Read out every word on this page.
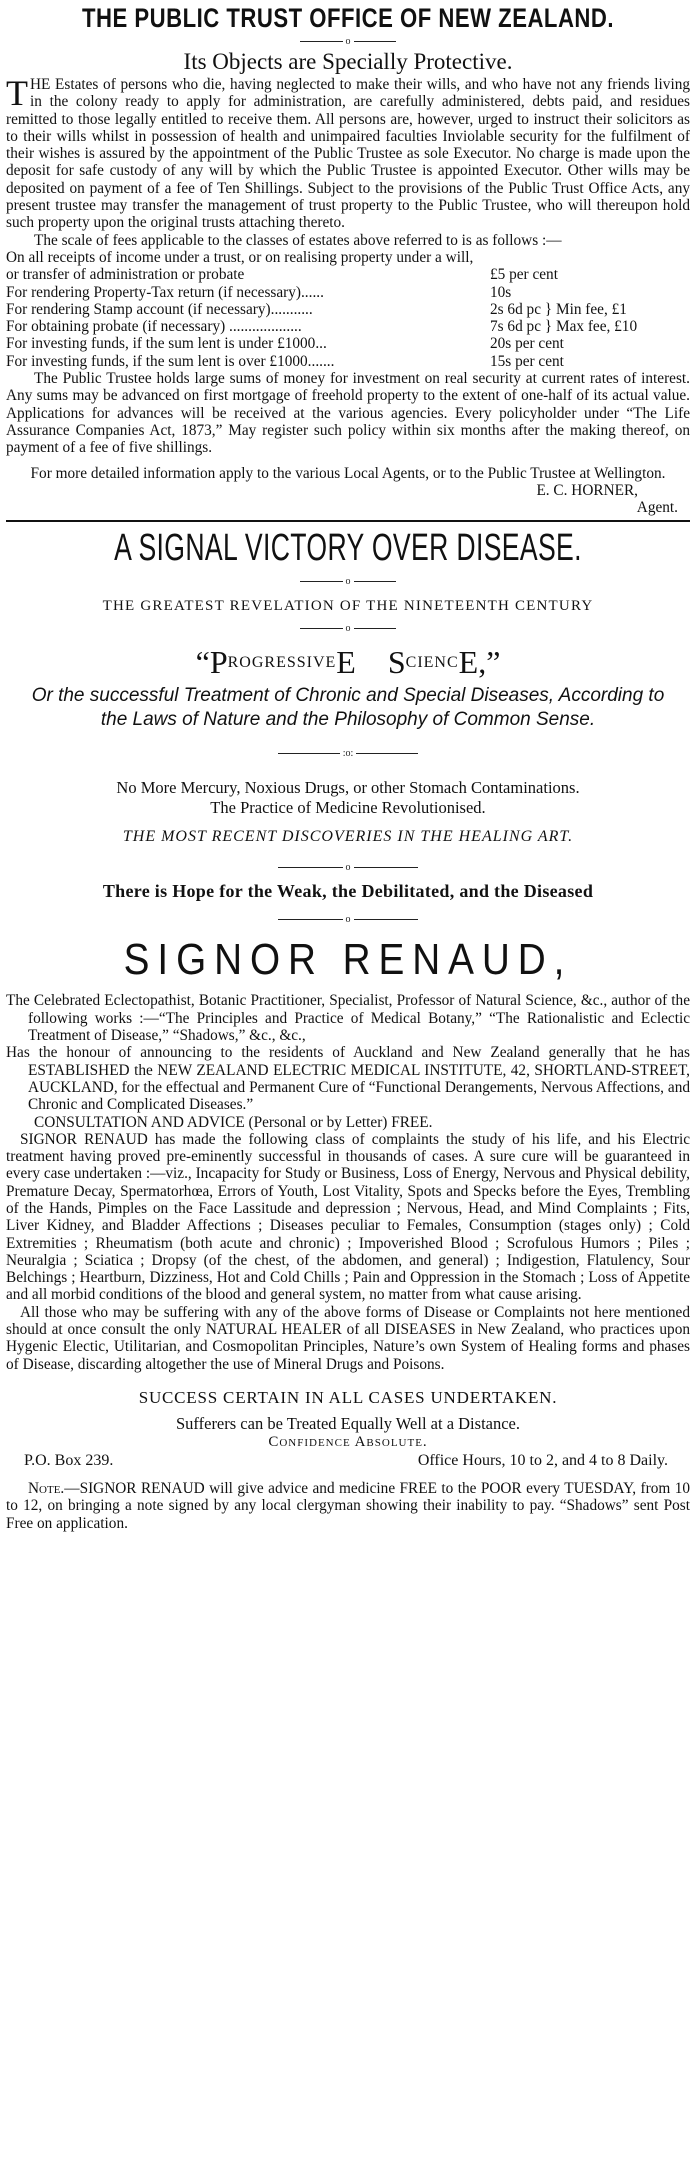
THE PUBLIC TRUST OFFICE OF NEW ZEALAND.
o
Its Objects are Specially Protective.
T HE Estates of persons who die, having neglected to make their wills, and who have not any friends living in the colony ready to apply for administration, are carefully administered, debts paid, and residues remitted to those legally entitled to receive them. All persons are, however, urged to instruct their solicitors as to their wills whilst in possession of health and unimpaired faculties Inviolable security for the fulfilment of their wishes is assured by the appointment of the Public Trustee as sole Executor. No charge is made upon the deposit for safe custody of any will by which the Public Trustee is appointed Executor. Other wills may be deposited on payment of a fee of Ten Shillings. Subject to the provisions of the Public Trust Office Acts, any present trustee may transfer the management of trust property to the Public Trustee, who will thereupon hold such property upon the original trusts attaching thereto.
The scale of fees applicable to the classes of estates above referred to is as follows :—
On all receipts of income under a trust, or on realising property under a will, or transfer of administration or probate	£5 per cent
For rendering Property-Tax return (if necessary)......	10s
For rendering Stamp account (if necessary)...........	2s 6d pc } Min fee, £1
For obtaining probate (if necessary) ...................	7s 6d pc } Max fee, £10
For investing funds, if the sum lent is under £1000...	20s per cent
For investing funds, if the sum lent is over £1000.......	15s per cent
The Public Trustee holds large sums of money for investment on real security at current rates of interest. Any sums may be advanced on first mortgage of freehold property to the extent of one-half of its actual value. Applications for advances will be received at the various agencies. Every policyholder under “The Life Assurance Companies Act, 1873,” May register such policy within six months after the making thereof, on payment of a fee of five shillings.
For more detailed information apply to the various Local Agents, or to the Public Trustee at Wellington.
E. C. HORNER,
Agent.
A SIGNAL VICTORY OVER DISEASE.
o
THE GREATEST REVELATION OF THE NINETEENTH CENTURY
o
“PROGRESSIVEE SCIENCE,”
Or the successful Treatment of Chronic and Special Diseases, According to the Laws of Nature and the Philosophy of Common Sense.
:o:
No More Mercury, Noxious Drugs, or other Stomach Contaminations.
The Practice of Medicine Revolutionised.
THE MOST RECENT DISCOVERIES IN THE HEALING ART.
o
There is Hope for the Weak, the Debilitated, and the Diseased
o
SIGNOR RENAUD,
The Celebrated Eclectopathist, Botanic Practitioner, Specialist, Professor of Natural Science, &c., author of the following works :—“The Principles and Practice of Medical Botany,” “The Rationalistic and Eclectic Treatment of Disease,” “Shadows,” &c., &c.,
Has the honour of announcing to the residents of Auckland and New Zealand generally that he has ESTABLISHED the NEW ZEALAND ELECTRIC MEDICAL INSTITUTE, 42, SHORTLAND-STREET, AUCKLAND, for the effectual and Permanent Cure of “Functional Derangements, Nervous Affections, and Chronic and Complicated Diseases.”
CONSULTATION AND ADVICE (Personal or by Letter) FREE.
SIGNOR RENAUD has made the following class of complaints the study of his life, and his Electric treatment having proved pre-eminently successful in thousands of cases. A sure cure will be guaranteed in every case undertaken :—viz., Incapacity for Study or Business, Loss of Energy, Nervous and Physical debility, Premature Decay, Spermatorhœa, Errors of Youth, Lost Vitality, Spots and Specks before the Eyes, Trembling of the Hands, Pimples on the Face Lassitude and depression ; Nervous, Head, and Mind Complaints ; Fits, Liver Kidney, and Bladder Affections ; Diseases peculiar to Females, Consumption (stages only) ; Cold Extremities ; Rheumatism (both acute and chronic) ; Impoverished Blood ; Scrofulous Humors ; Piles ; Neuralgia ; Sciatica ; Dropsy (of the chest, of the abdomen, and general) ; Indigestion, Flatulency, Sour Belchings ; Heartburn, Dizziness, Hot and Cold Chills ; Pain and Oppression in the Stomach ; Loss of Appetite and all morbid conditions of the blood and general system, no matter from what cause arising.
All those who may be suffering with any of the above forms of Disease or Complaints not here mentioned should at once consult the only NATURAL HEALER of all DISEASES in New Zealand, who practices upon Hygenic Electic, Utilitarian, and Cosmopolitan Principles, Nature’s own System of Healing forms and phases of Disease, discarding altogether the use of Mineral Drugs and Poisons.
SUCCESS CERTAIN IN ALL CASES UNDERTAKEN.
Sufferers can be Treated Equally Well at a Distance.
Confidence Absolute.
P.O. Box 239.	Office Hours, 10 to 2, and 4 to 8 Daily.
Note.—SIGNOR RENAUD will give advice and medicine FREE to the POOR every TUESDAY, from 10 to 12, on bringing a note signed by any local clergyman showing their inability to pay. “Shadows” sent Post Free on application.
